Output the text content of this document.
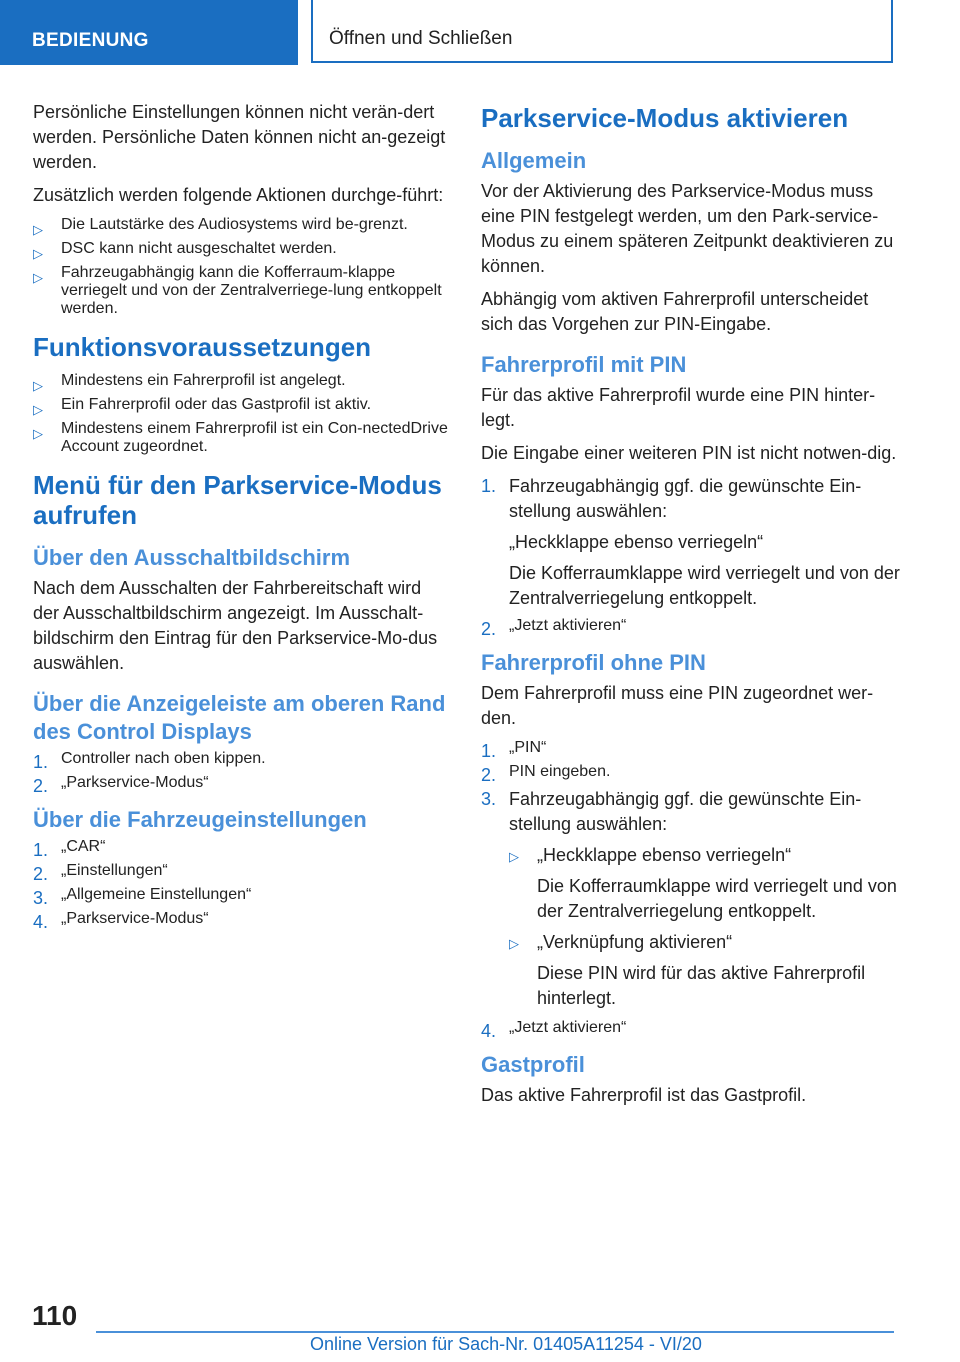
BEDIENUNG	Öffnen und Schließen

Persönliche Einstellungen können nicht verän-dert werden. Persönliche Daten können nicht an-gezeigt werden.

Zusätzlich werden folgende Aktionen durchge-führt:

▷ Die Lautstärke des Audiosystems wird be-grenzt.
▷ DSC kann nicht ausgeschaltet werden.
▷ Fahrzeugabhängig kann die Kofferraum-klappe verriegelt und von der Zentralverriege-lung entkoppelt werden.
Funktionsvoraussetzungen
▷ Mindestens ein Fahrerprofil ist angelegt.
▷ Ein Fahrerprofil oder das Gastprofil ist aktiv.
▷ Mindestens einem Fahrerprofil ist ein Con-nectedDrive Account zugeordnet.
Menü für den Parkservice-Modus aufrufen
Über den Ausschaltbildschirm

Nach dem Ausschalten der Fahrbereitschaft wird der Ausschaltbildschirm angezeigt. Im Ausschalt-bildschirm den Eintrag für den Parkservice-Mo-dus auswählen.

Über die Anzeigeleiste am oberen Rand des Control Displays
1. Controller nach oben kippen.
2. „Parkservice-Modus“
Über die Fahrzeugeinstellungen
1. „CAR“
2. „Einstellungen“
3. „Allgemeine Einstellungen“
4. „Parkservice-Modus“
Parkservice-Modus aktivieren
Allgemein

Vor der Aktivierung des Parkservice-Modus muss eine PIN festgelegt werden, um den Park-service-Modus zu einem späteren Zeitpunkt deaktivieren zu können.

Abhängig vom aktiven Fahrerprofil unterscheidet sich das Vorgehen zur PIN-Eingabe.

Fahrerprofil mit PIN

Für das aktive Fahrerprofil wurde eine PIN hinter-legt.

Die Eingabe einer weiteren PIN ist nicht notwen-dig.

1. Fahrzeugabhängig ggf. die gewünschte Ein-stellung auswählen:

„Heckklappe ebenso verriegeln“

Die Kofferraumklappe wird verriegelt und von der Zentralverriegelung entkoppelt.

2. „Jetzt aktivieren“
Fahrerprofil ohne PIN

Dem Fahrerprofil muss eine PIN zugeordnet wer-den.

1. „PIN“
2. PIN eingeben.
3. Fahrzeugabhängig ggf. die gewünschte Ein-stellung auswählen:

▷ „Heckklappe ebenso verriegeln“

Die Kofferraumklappe wird verriegelt und von der Zentralverriegelung entkoppelt.

▷ „Verknüpfung aktivieren“

Diese PIN wird für das aktive Fahrerprofil hinterlegt.

4. „Jetzt aktivieren“
Gastprofil

Das aktive Fahrerprofil ist das Gastprofil.

110
Online Version für Sach-Nr. 01405A11254 - VI/20
